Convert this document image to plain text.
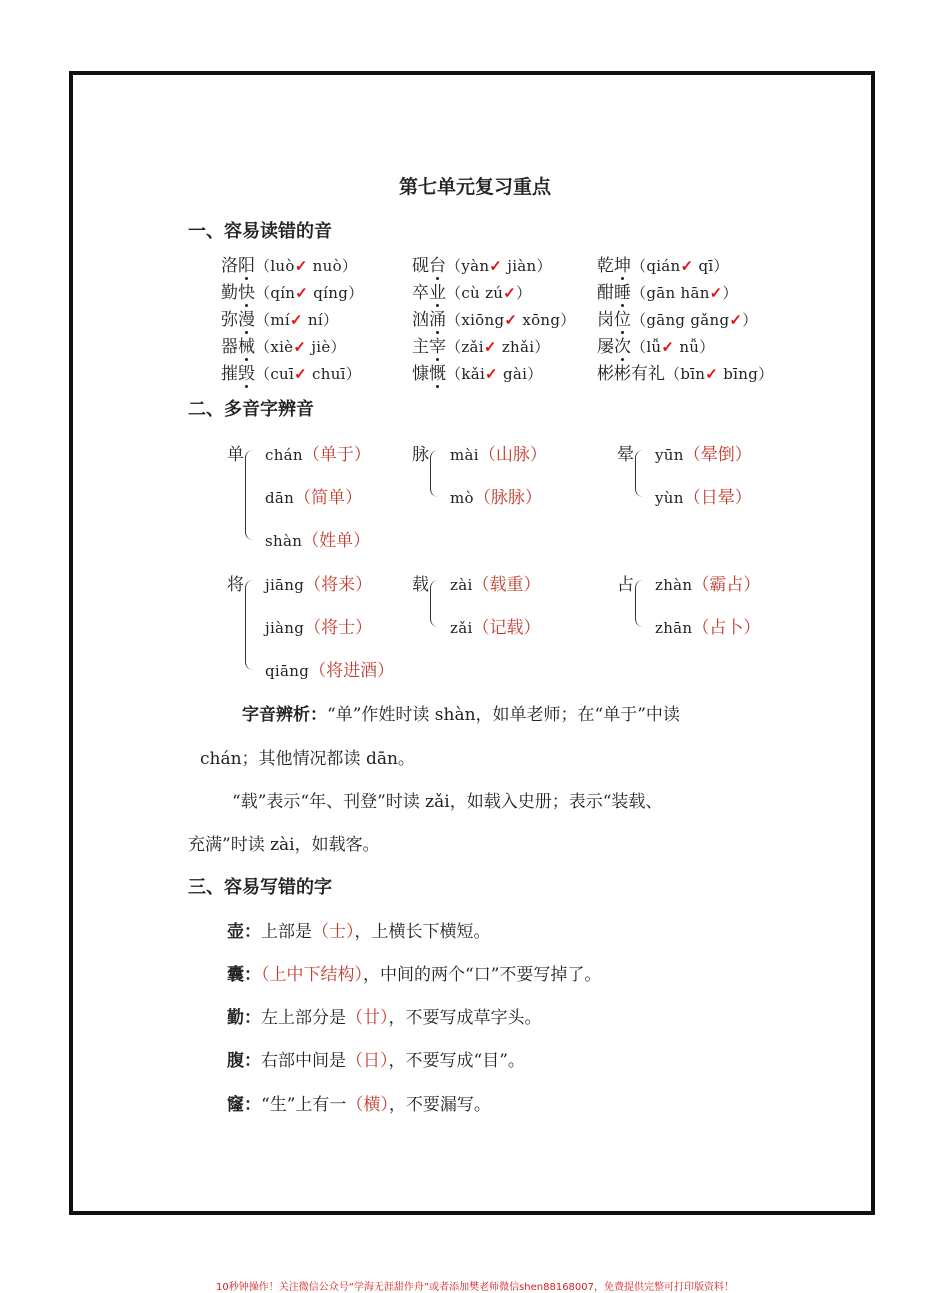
第七单元复习重点
一、容易读错的音
洛阳（luò✓ nuò）	砚台（yàn✓ jiàn）	乾坤（qián✓ qī）
勤快（qín✓ qíng）	卒业（cù zú✓）	酣睡（gān hān✓）
弥漫（mí✓ ní）	汹涌（xiōng✓ xōng） 岗位（gāng gǎng✓）
器械（xiè✓ jiè）	主宰（zǎi✓ zhǎi）	屡次（lǚ✓ nǚ）
摧毁（cuī✓ chuī）	慷慨（kǎi✓ gài）	彬彬有礼（bīn✓ bīng）
二、多音字辨音
单 chán（单于）
dān（简单）
shàn（姓单）
脉 mài（山脉）
mò（脉脉）
晕 yūn（晕倒）
yùn（日晕）
将 jiāng（将来）
jiàng（将士）
qiāng（将进酒）
载 zài（载重）
zǎi（记载）
占 zhàn（霸占）
zhān（占卜）
字音辨析：“单”作姓时读 shàn，如单老师；在“单于”中读
chán；其他情况都读 dān。
“载”表示“年、刊登”时读 zǎi，如载入史册；表示“装载、
充满”时读 zài，如载客。
三、容易写错的字
壶：上部是（士），上横长下横短。
囊：（上中下结构），中间的两个“口”不要写掉了。
勤：左上部分是（廿），不要写成草字头。
腹：右部中间是（日），不要写成“目”。
窿：“生”上有一（横），不要漏写。
10秒钟操作！关注微信公众号“学海无涯甜作舟”或者添加樊老师微信shen88168007，免费提供完整可打印版资料！
